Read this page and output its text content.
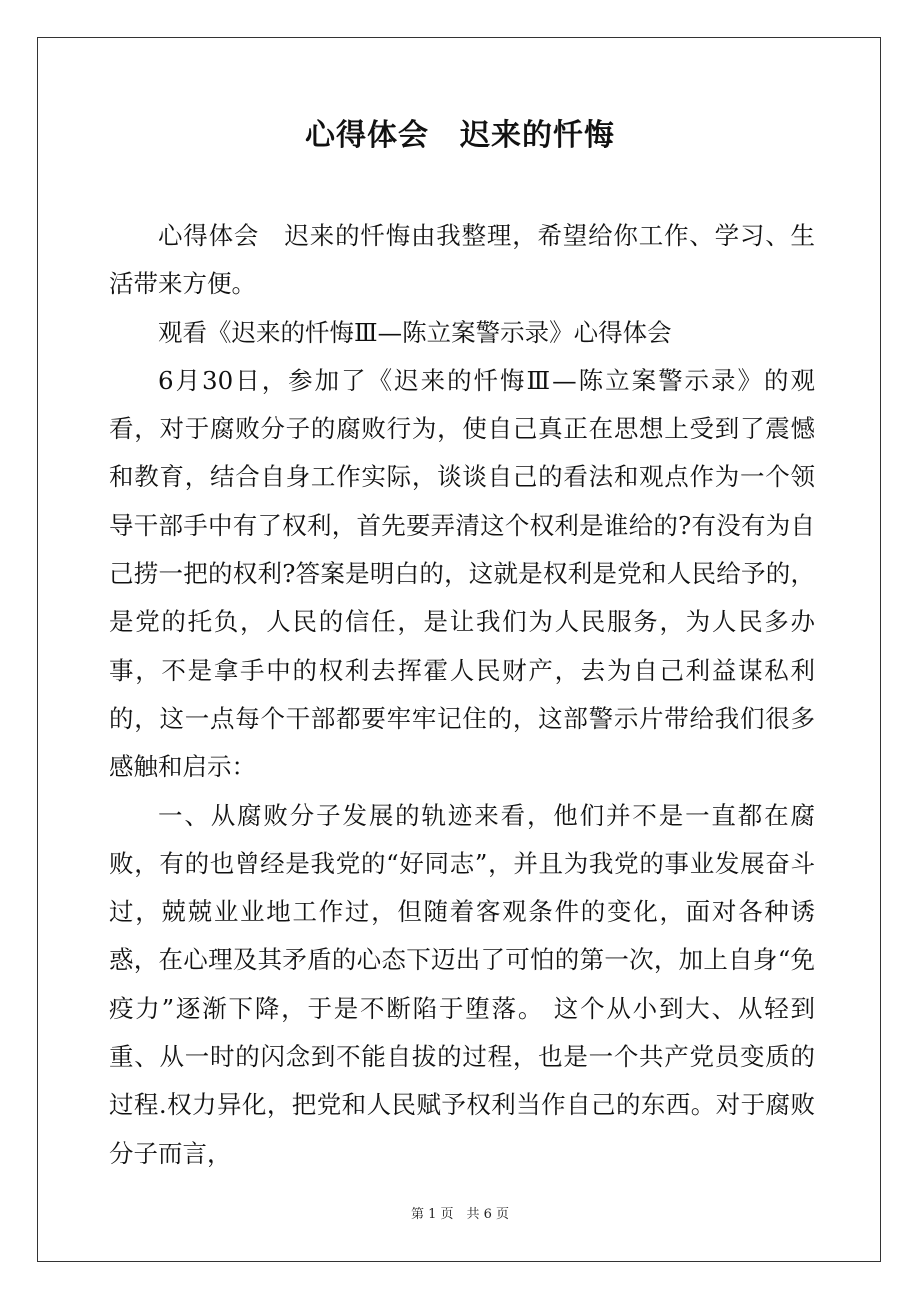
心得体会　迟来的忏悔

心得体会　迟来的忏悔由我整理，希望给你工作、学习、生活带来方便。

观看《迟来的忏悔Ⅲ—陈立案警示录》心得体会

6月30日，参加了《迟来的忏悔Ⅲ—陈立案警示录》的观看，对于腐败分子的腐败行为，使自己真正在思想上受到了震憾和教育，结合自身工作实际，谈谈自己的看法和观点作为一个领导干部手中有了权利，首先要弄清这个权利是谁给的?有没有为自己捞一把的权利?答案是明白的，这就是权利是党和人民给予的，是党的托负，人民的信任，是让我们为人民服务，为人民多办事，不是拿手中的权利去挥霍人民财产，去为自己利益谋私利的，这一点每个干部都要牢牢记住的，这部警示片带给我们很多感触和启示：

一、从腐败分子发展的轨迹来看，他们并不是一直都在腐败，有的也曾经是我党的“好同志”，并且为我党的事业发展奋斗过，兢兢业业地工作过，但随着客观条件的变化，面对各种诱惑，在心理及其矛盾的心态下迈出了可怕的第一次，加上自身“免疫力”逐渐下降，于是不断陷于堕落。 这个从小到大、从轻到重、从一时的闪念到不能自拔的过程，也是一个共产党员变质的过程.权力异化，把党和人民赋予权利当作自己的东西。对于腐败分子而言，

第 1 页　共 6 页
